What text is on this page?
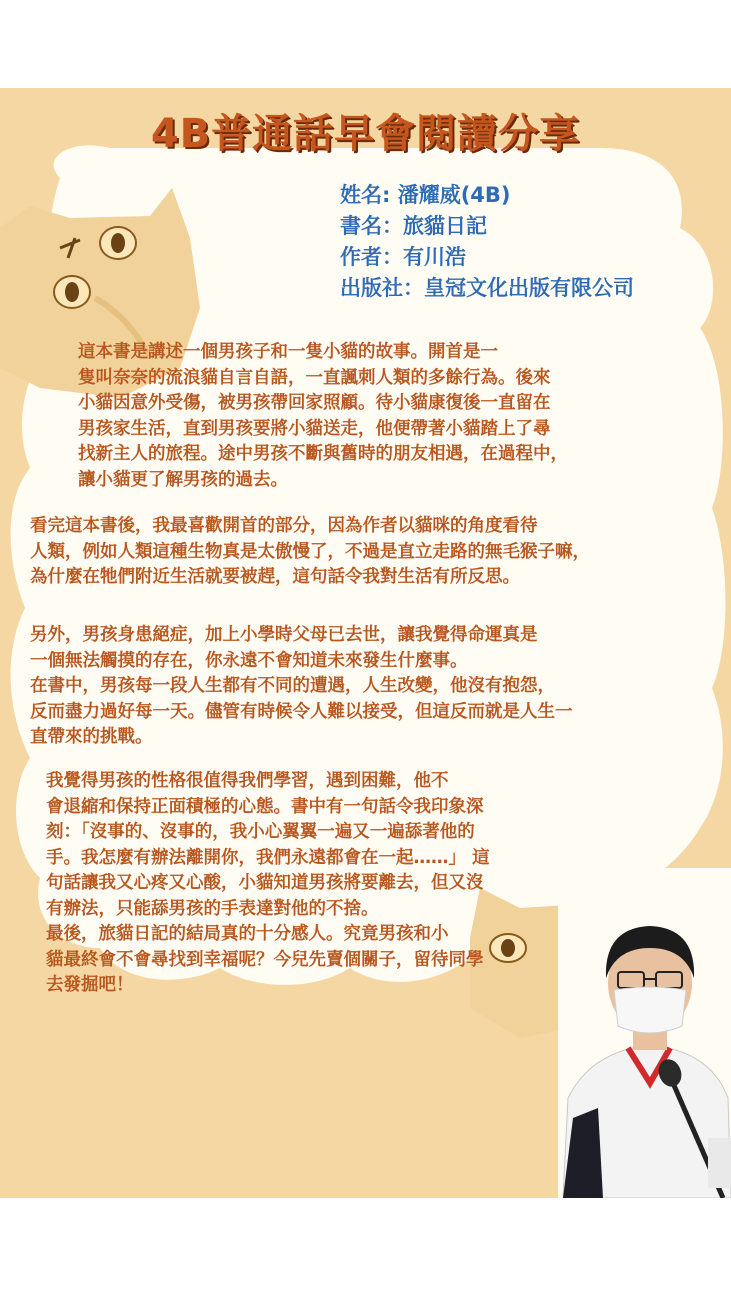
4B普通話早會閱讀分享
姓名: 潘耀威(4B)
書名：旅貓日記
作者：有川浩
出版社：皇冠文化出版有限公司

這本書是講述一個男孩子和一隻小貓的故事。開首是一
隻叫奈奈的流浪貓自言自語，一直諷刺人類的多餘行為。後來
小貓因意外受傷，被男孩帶回家照顧。待小貓康復後一直留在
男孩家生活，直到男孩要將小貓送走，他便帶著小貓踏上了尋
找新主人的旅程。途中男孩不斷與舊時的朋友相遇，在過程中，
讓小貓更了解男孩的過去。

看完這本書後，我最喜歡開首的部分，因為作者以貓咪的角度看待
人類，例如人類這種生物真是太傲慢了，不過是直立走路的無毛猴子嘛，
為什麼在牠們附近生活就要被趕，這句話令我對生活有所反思。

另外，男孩身患絕症，加上小學時父母已去世，讓我覺得命運真是
一個無法觸摸的存在，你永遠不會知道未來發生什麼事。
在書中，男孩每一段人生都有不同的遭遇，人生改變，他沒有抱怨，
反而盡力過好每一天。儘管有時候令人難以接受，但這反而就是人生一
直帶來的挑戰。

我覺得男孩的性格很值得我們學習，遇到困難，他不
會退縮和保持正面積極的心態。書中有一句話令我印象深
刻：「沒事的、沒事的，我小心翼翼一遍又一遍舔著他的
手。我怎麼有辦法離開你，我們永遠都會在一起……」 這
句話讓我又心疼又心酸，小貓知道男孩將要離去，但又沒
有辦法，只能舔男孩的手表達對他的不捨。
最後，旅貓日記的結局真的十分感人。究竟男孩和小
貓最終會不會尋找到幸福呢？今兒先賣個關子，留待同學
去發掘吧！
